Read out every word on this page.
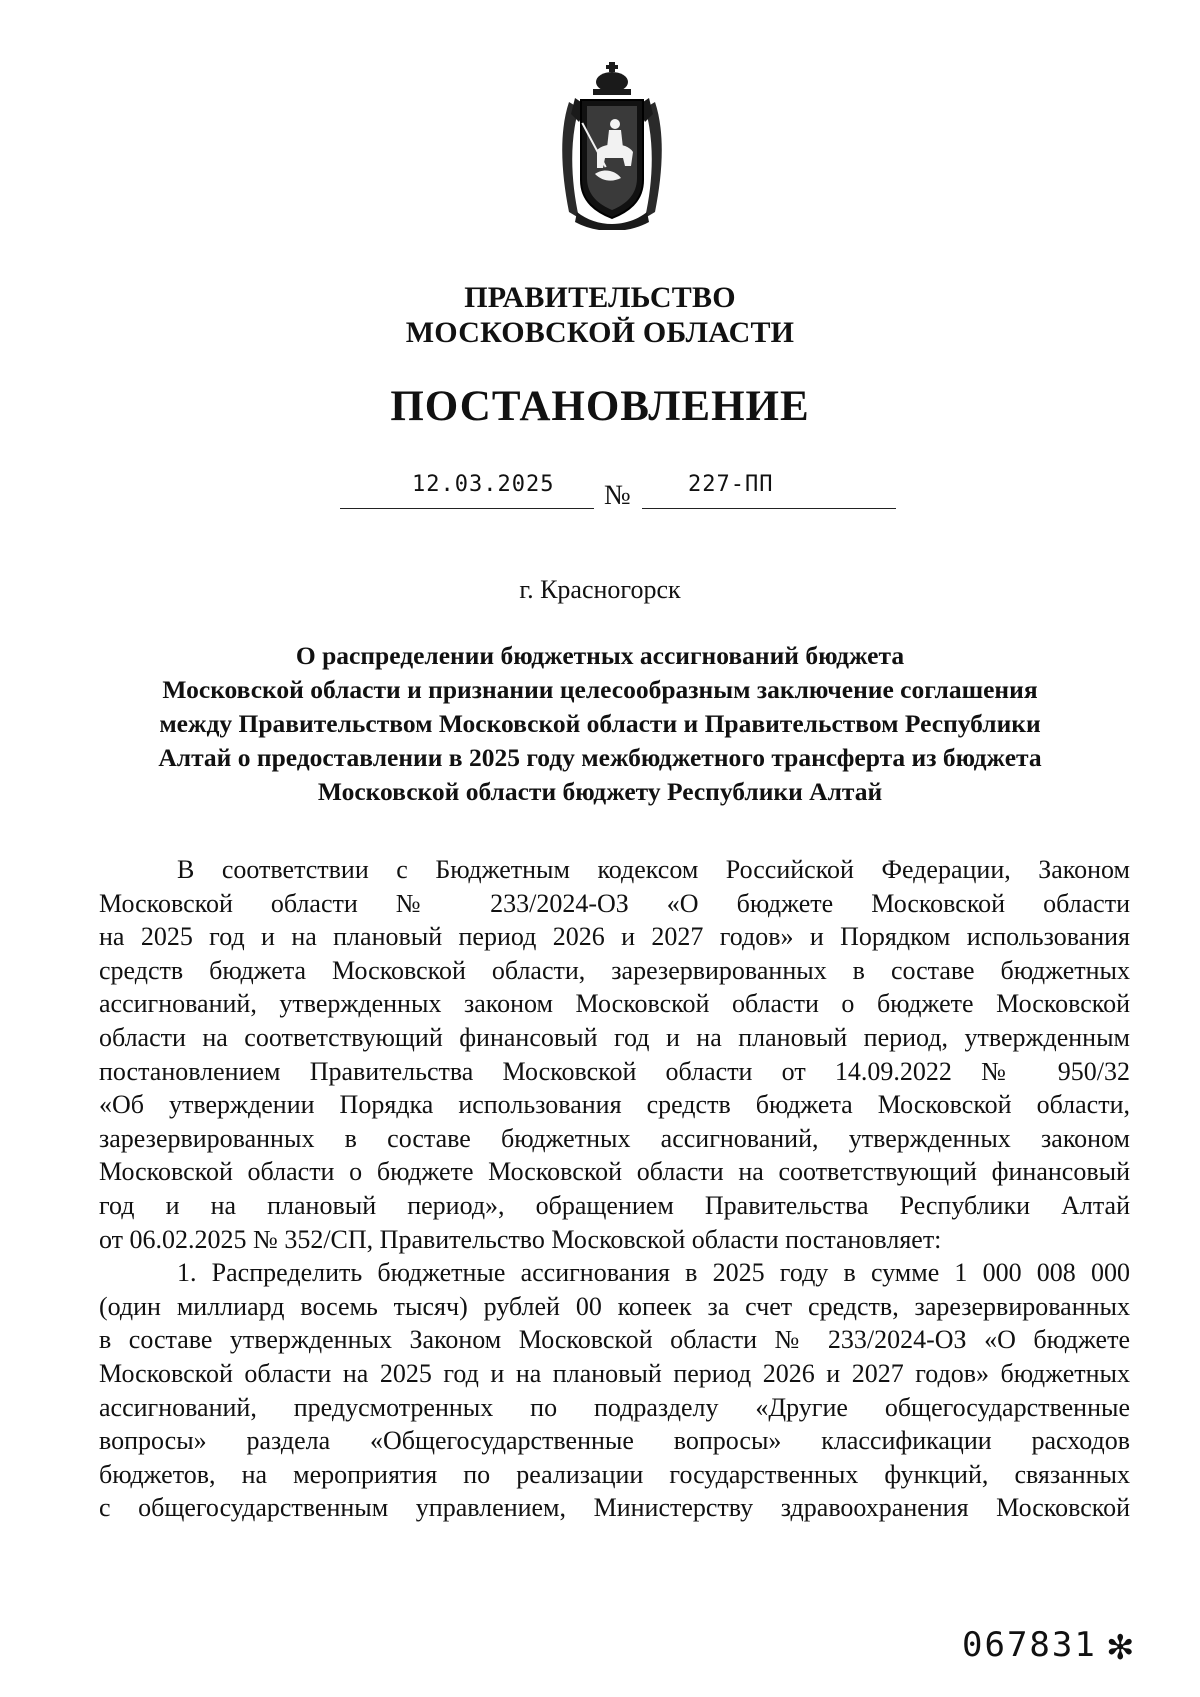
ПРАВИТЕЛЬСТВО
МОСКОВСКОЙ ОБЛАСТИ
ПОСТАНОВЛЕНИЕ
12.03.2025 №	227-ПП
г. Красногорск
О распределении бюджетных ассигнований бюджета
Московской области и признании целесообразным заключение соглашения
между Правительством Московской области и Правительством Республики
Алтай о предоставлении в 2025 году межбюджетного трансферта из бюджета
Московской области бюджету Республики Алтай
В соответствии с Бюджетным кодексом Российской Федерации, Законом
Московской области № 233/2024-ОЗ «О бюджете Московской области
на 2025 год и на плановый период 2026 и 2027 годов» и Порядком использования
средств бюджета Московской области, зарезервированных в составе бюджетных
ассигнований, утвержденных законом Московской области о бюджете Московской
области на соответствующий финансовый год и на плановый период, утвержденным
постановлением Правительства Московской области от 14.09.2022 № 950/32
«Об утверждении Порядка использования средств бюджета Московской области,
зарезервированных в составе бюджетных ассигнований, утвержденных законом
Московской области о бюджете Московской области на соответствующий финансовый
год и на плановый период», обращением Правительства Республики Алтай
от 06.02.2025 № 352/СП, Правительство Московской области постановляет:
1. Распределить бюджетные ассигнования в 2025 году в сумме 1 000 008 000
(один миллиард восемь тысяч) рублей 00 копеек за счет средств, зарезервированных
в составе утвержденных Законом Московской области № 233/2024-ОЗ «О бюджете
Московской области на 2025 год и на плановый период 2026 и 2027 годов» бюджетных
ассигнований, предусмотренных по подразделу «Другие общегосударственные
вопросы» раздела «Общегосударственные вопросы» классификации расходов
бюджетов, на мероприятия по реализации государственных функций, связанных
с общегосударственным управлением, Министерству здравоохранения Московской
067831 ✻
